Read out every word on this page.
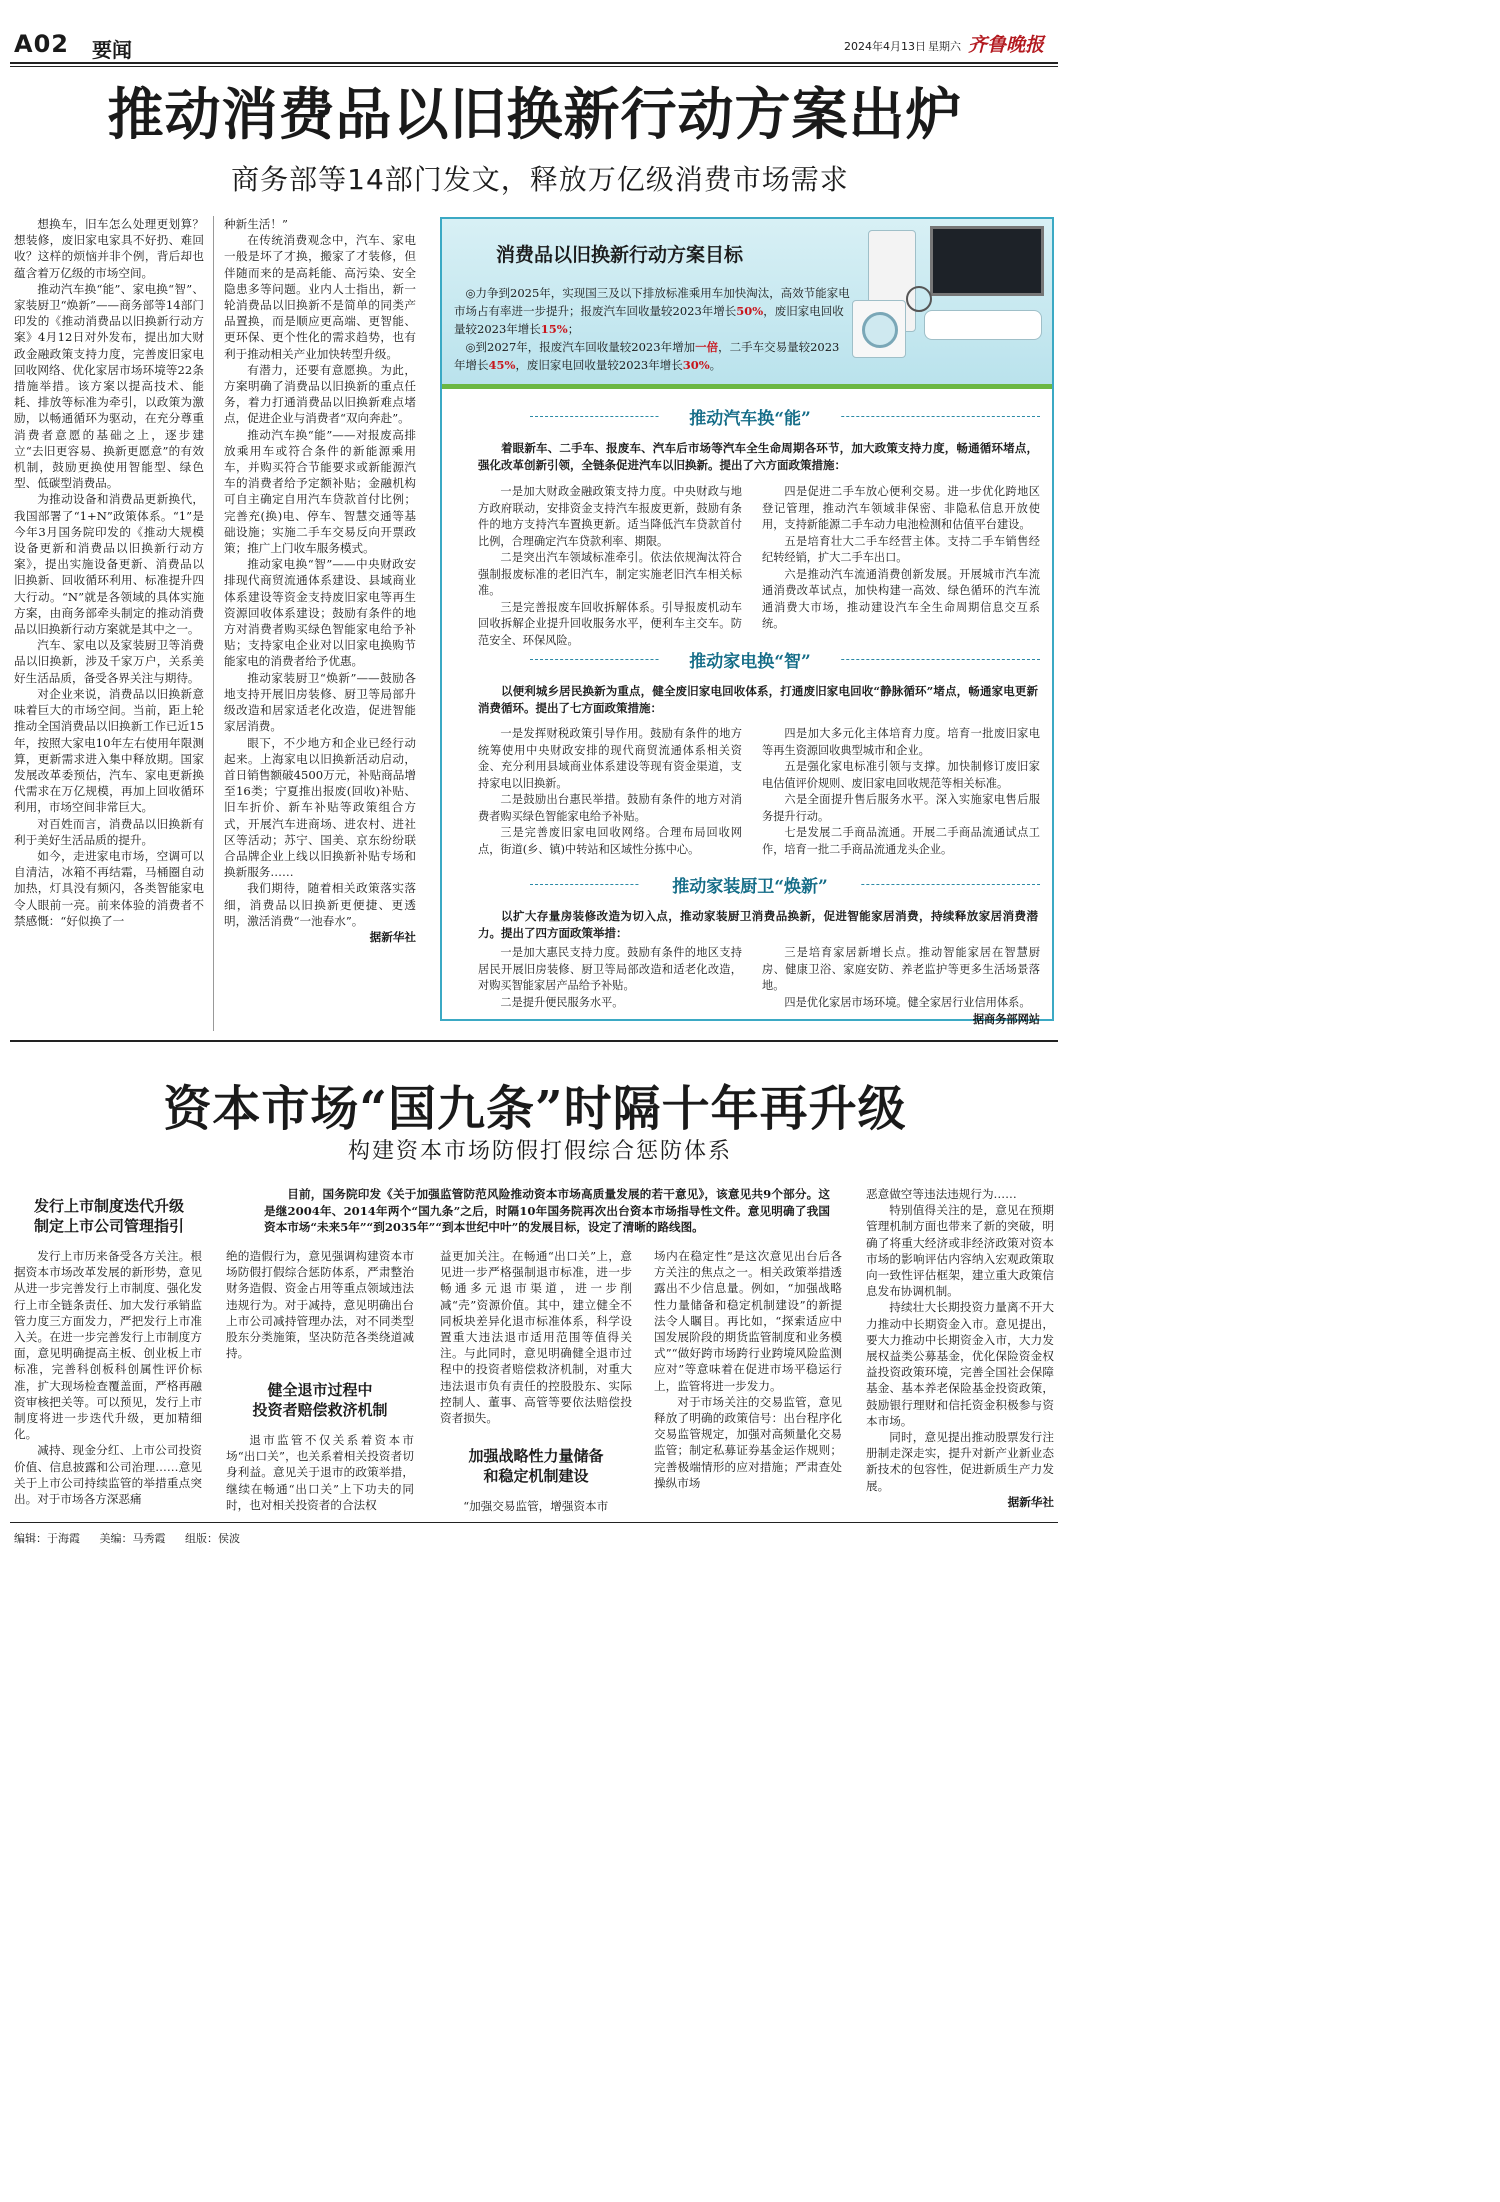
A02 要闻	2024年4月13日 星期六 齐鲁晚报
推动消费品以旧换新行动方案出炉
商务部等14部门发文，释放万亿级消费市场需求

想换车，旧车怎么处理更划算？想装修，废旧家电家具不好扔、难回收？这样的烦恼并非个例，背后却也蕴含着万亿级的市场空间。

推动汽车换“能”、家电换“智”、家装厨卫“焕新”——商务部等14部门印发的《推动消费品以旧换新行动方案》4月12日对外发布，提出加大财政金融政策支持力度，完善废旧家电回收网络、优化家居市场环境等22条措施举措。该方案以提高技术、能耗、排放等标准为牵引，以政策为激励，以畅通循环为驱动，在充分尊重消费者意愿的基础之上，逐步建立“去旧更容易、换新更愿意”的有效机制，鼓励更换使用智能型、绿色型、低碳型消费品。

为推动设备和消费品更新换代，我国部署了“1+N”政策体系。“1”是今年3月国务院印发的《推动大规模设备更新和消费品以旧换新行动方案》，提出实施设备更新、消费品以旧换新、回收循环利用、标准提升四大行动。“N”就是各领域的具体实施方案，由商务部牵头制定的推动消费品以旧换新行动方案就是其中之一。

汽车、家电以及家装厨卫等消费品以旧换新，涉及千家万户，关系美好生活品质，备受各界关注与期待。

对企业来说，消费品以旧换新意味着巨大的市场空间。当前，距上轮推动全国消费品以旧换新工作已近15年，按照大家电10年左右使用年限测算，更新需求进入集中释放期。国家发展改革委预估，汽车、家电更新换代需求在万亿规模，再加上回收循环利用，市场空间非常巨大。

对百姓而言，消费品以旧换新有利于美好生活品质的提升。

如今，走进家电市场，空调可以自清洁，冰箱不再结霜，马桶圈自动加热，灯具没有频闪，各类智能家电令人眼前一亮。前来体验的消费者不禁感慨：“好似换了一

种新生活！”

在传统消费观念中，汽车、家电一般是坏了才换，搬家了才装修，但伴随而来的是高耗能、高污染、安全隐患多等问题。业内人士指出，新一轮消费品以旧换新不是简单的同类产品置换，而是顺应更高端、更智能、更环保、更个性化的需求趋势，也有利于推动相关产业加快转型升级。

有潜力，还要有意愿换。为此，方案明确了消费品以旧换新的重点任务，着力打通消费品以旧换新难点堵点，促进企业与消费者“双向奔赴”。

推动汽车换“能”——对报废高排放乘用车或符合条件的新能源乘用车，并购买符合节能要求或新能源汽车的消费者给予定额补贴；金融机构可自主确定自用汽车贷款首付比例；完善充(换)电、停车、智慧交通等基础设施；实施二手车交易反向开票政策；推广上门收车服务模式。

推动家电换“智”——中央财政安排现代商贸流通体系建设、县域商业体系建设等资金支持废旧家电等再生资源回收体系建设；鼓励有条件的地方对消费者购买绿色智能家电给予补贴；支持家电企业对以旧家电换购节能家电的消费者给予优惠。

推动家装厨卫“焕新”——鼓励各地支持开展旧房装修、厨卫等局部升级改造和居家适老化改造，促进智能家居消费。

眼下，不少地方和企业已经行动起来。上海家电以旧换新活动启动，首日销售额破4500万元，补贴商品增至16类；宁夏推出报废(回收)补贴、旧车折价、新车补贴等政策组合方式，开展汽车进商场、进农村、进社区等活动；苏宁、国美、京东纷纷联合品牌企业上线以旧换新补贴专场和换新服务……

我们期待，随着相关政策落实落细，消费品以旧换新更便捷、更透明，激活消费“一池春水”。

据新华社

消费品以旧换新行动方案目标

◎力争到2025年，实现国三及以下排放标准乘用车加快淘汰，高效节能家电市场占有率进一步提升；报废汽车回收量较2023年增长50%，废旧家电回收量较2023年增长15%；

◎到2027年，报废汽车回收量较2023年增加一倍，二手车交易量较2023年增长45%，废旧家电回收量较2023年增长30%。

推动汽车换“能”

着眼新车、二手车、报废车、汽车后市场等汽车全生命周期各环节，加大政策支持力度，畅通循环堵点，强化改革创新引领，全链条促进汽车以旧换新。提出了六方面政策措施：

一是加大财政金融政策支持力度。中央财政与地方政府联动，安排资金支持汽车报废更新，鼓励有条件的地方支持汽车置换更新。适当降低汽车贷款首付比例，合理确定汽车贷款利率、期限。

二是突出汽车领域标准牵引。依法依规淘汰符合强制报废标准的老旧汽车，制定实施老旧汽车相关标准。

三是完善报废车回收拆解体系。引导报废机动车回收拆解企业提升回收服务水平，便利车主交车。防范安全、环保风险。

四是促进二手车放心便利交易。进一步优化跨地区登记管理，推动汽车领域非保密、非隐私信息开放使用，支持新能源二手车动力电池检测和估值平台建设。

五是培育壮大二手车经营主体。支持二手车销售经纪转经销，扩大二手车出口。

六是推动汽车流通消费创新发展。开展城市汽车流通消费改革试点，加快构建一高效、绿色循环的汽车流通消费大市场，推动建设汽车全生命周期信息交互系统。

推动家电换“智”

以便利城乡居民换新为重点，健全废旧家电回收体系，打通废旧家电回收“静脉循环”堵点，畅通家电更新消费循环。提出了七方面政策措施：

一是发挥财税政策引导作用。鼓励有条件的地方统筹使用中央财政安排的现代商贸流通体系相关资金、充分利用县域商业体系建设等现有资金渠道，支持家电以旧换新。

二是鼓励出台惠民举措。鼓励有条件的地方对消费者购买绿色智能家电给予补贴。

三是完善废旧家电回收网络。合理布局回收网点，街道(乡、镇)中转站和区域性分拣中心。

四是加大多元化主体培育力度。培育一批废旧家电等再生资源回收典型城市和企业。

五是强化家电标准引领与支撑。加快制修订废旧家电估值评价规则、废旧家电回收规范等相关标准。

六是全面提升售后服务水平。深入实施家电售后服务提升行动。

七是发展二手商品流通。开展二手商品流通试点工作，培育一批二手商品流通龙头企业。

推动家装厨卫“焕新”

以扩大存量房装修改造为切入点，推动家装厨卫消费品换新，促进智能家居消费，持续释放家居消费潜力。提出了四方面政策举措：

一是加大惠民支持力度。鼓励有条件的地区支持居民开展旧房装修、厨卫等局部改造和适老化改造，对购买智能家居产品给予补贴。

二是提升便民服务水平。

三是培育家居新增长点。推动智能家居在智慧厨房、健康卫浴、家庭安防、养老监护等更多生活场景落地。

四是优化家居市场环境。健全家居行业信用体系。

据商务部网站

资本市场“国九条”时隔十年再升级
构建资本市场防假打假综合惩防体系
发行上市制度迭代升级
制定上市公司管理指引

发行上市历来备受各方关注。根据资本市场改革发展的新形势，意见从进一步完善发行上市制度、强化发行上市全链条责任、加大发行承销监管力度三方面发力，严把发行上市准入关。在进一步完善发行上市制度方面，意见明确提高主板、创业板上市标准，完善科创板科创属性评价标准，扩大现场检查覆盖面，严格再融资审核把关等。可以预见，发行上市制度将进一步迭代升级，更加精细化。

减持、现金分红、上市公司投资价值、信息披露和公司治理……意见关于上市公司持续监管的举措重点突出。对于市场各方深恶痛

目前，国务院印发《关于加强监管防范风险推动资本市场高质量发展的若干意见》，该意见共9个部分。这是继2004年、2014年两个“国九条”之后，时隔10年国务院再次出台资本市场指导性文件。意见明确了我国资本市场“未来5年”“到2035年”“到本世纪中叶”的发展目标，设定了清晰的路线图。

绝的造假行为，意见强调构建资本市场防假打假综合惩防体系，严肃整治财务造假、资金占用等重点领域违法违规行为。对于减持，意见明确出台上市公司减持管理办法，对不同类型股东分类施策，坚决防范各类绕道减持。

健全退市过程中
投资者赔偿救济机制

退市监管不仅关系着资本市场“出口关”，也关系着相关投资者切身利益。意见关于退市的政策举措，继续在畅通“出口关”上下功夫的同时，也对相关投资者的合法权

益更加关注。在畅通“出口关”上，意见进一步严格强制退市标准，进一步畅通多元退市渠道，进一步削减“壳”资源价值。其中，建立健全不同板块差异化退市标准体系，科学设置重大违法退市适用范围等值得关注。与此同时，意见明确健全退市过程中的投资者赔偿救济机制，对重大违法退市负有责任的控股股东、实际控制人、董事、高管等要依法赔偿投资者损失。

加强战略性力量储备
和稳定机制建设

“加强交易监管，增强资本市

场内在稳定性”是这次意见出台后各方关注的焦点之一。相关政策举措透露出不少信息量。例如，“加强战略性力量储备和稳定机制建设”的新提法令人瞩目。再比如，“探索适应中国发展阶段的期货监管制度和业务模式”“做好跨市场跨行业跨境风险监测应对”等意味着在促进市场平稳运行上，监管将进一步发力。

对于市场关注的交易监管，意见释放了明确的政策信号：出台程序化交易监管规定，加强对高频量化交易监管；制定私募证券基金运作规则；完善极端情形的应对措施；严肃查处操纵市场

恶意做空等违法违规行为……

特别值得关注的是，意见在预期管理机制方面也带来了新的突破，明确了将重大经济或非经济政策对资本市场的影响评估内容纳入宏观政策取向一致性评估框架，建立重大政策信息发布协调机制。

持续壮大长期投资力量离不开大力推动中长期资金入市。意见提出，要大力推动中长期资金入市，大力发展权益类公募基金，优化保险资金权益投资政策环境，完善全国社会保障基金、基本养老保险基金投资政策，鼓励银行理财和信托资金积极参与资本市场。

同时，意见提出推动股票发行注册制走深走实，提升对新产业新业态新技术的包容性，促进新质生产力发展。

据新华社

编辑：于海霞 美编：马秀霞 组版：侯波
